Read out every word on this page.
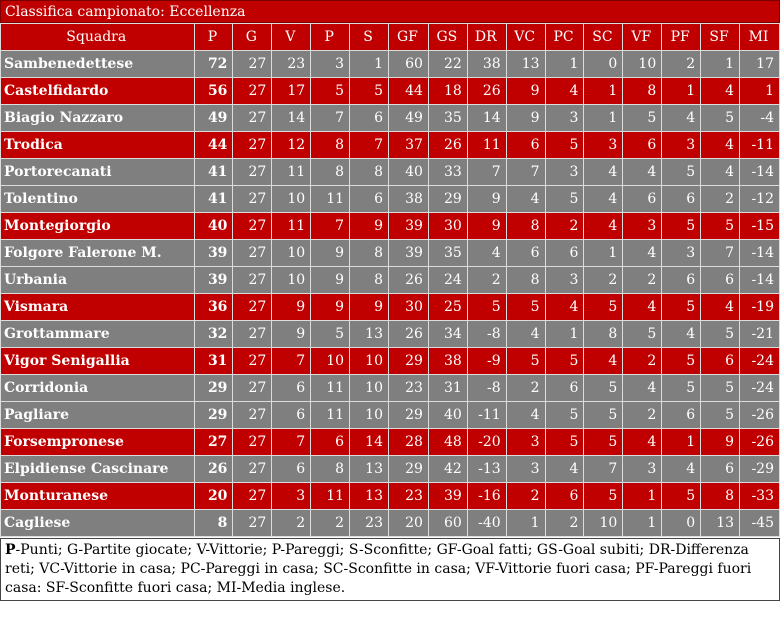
Classifica campionato: Eccellenza
Squadra	P	G	V	P	S	GF	GS	DR	VC	PC	SC	VF	PF	SF	MI
Sambenedettese	72	27	23	3	1	60	22	38	13	1	0	10	2	1	17
Castelfidardo	56	27	17	5	5	44	18	26	9	4	1	8	1	4	1
Biagio Nazzaro	49	27	14	7	6	49	35	14	9	3	1	5	4	5	-4
Trodica	44	27	12	8	7	37	26	11	6	5	3	6	3	4	-11
Portorecanati	41	27	11	8	8	40	33	7	7	3	4	4	5	4	-14
Tolentino	41	27	10	11	6	38	29	9	4	5	4	6	6	2	-12
Montegiorgio	40	27	11	7	9	39	30	9	8	2	4	3	5	5	-15
Folgore Falerone M.	39	27	10	9	8	39	35	4	6	6	1	4	3	7	-14
Urbania	39	27	10	9	8	26	24	2	8	3	2	2	6	6	-14
Vismara	36	27	9	9	9	30	25	5	5	4	5	4	5	4	-19
Grottammare	32	27	9	5	13	26	34	-8	4	1	8	5	4	5	-21
Vigor Senigallia	31	27	7	10	10	29	38	-9	5	5	4	2	5	6	-24
Corridonia	29	27	6	11	10	23	31	-8	2	6	5	4	5	5	-24
Pagliare	29	27	6	11	10	29	40	-11	4	5	5	2	6	5	-26
Forsempronese	27	27	7	6	14	28	48	-20	3	5	5	4	1	9	-26
Elpidiense Cascinare	26	27	6	8	13	29	42	-13	3	4	7	3	4	6	-29
Monturanese	20	27	3	11	13	23	39	-16	2	6	5	1	5	8	-33
Cagliese	8	27	2	2	23	20	60	-40	1	2	10	1	0	13	-45
P-Punti; G-Partite giocate; V-Vittorie; P-Pareggi; S-Sconfitte; GF-Goal fatti; GS-Goal subiti; DR-Differenza reti; VC-Vittorie in casa; PC-Pareggi in casa; SC-Sconfitte in casa; VF-Vittorie fuori casa; PF-Pareggi fuori casa: SF-Sconfitte fuori casa; MI-Media inglese.
